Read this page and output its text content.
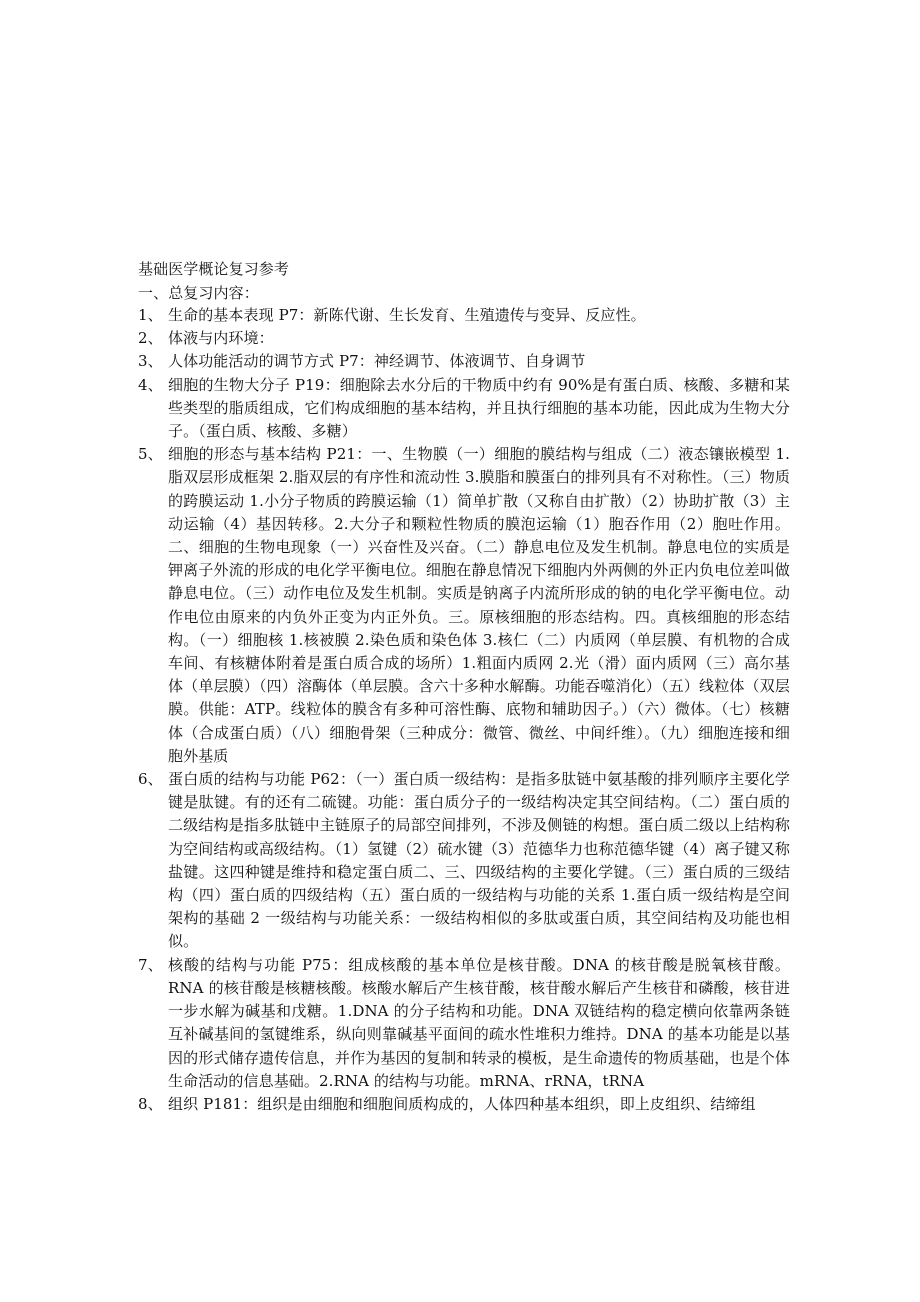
基础医学概论复习参考
一、总复习内容：
1、 生命的基本表现 P7：新陈代谢、生长发育、生殖遗传与变异、反应性。
2、 体液与内环境：
3、 人体功能活动的调节方式 P7：神经调节、体液调节、自身调节
4、 细胞的生物大分子 P19：细胞除去水分后的干物质中约有 90%是有蛋白质、核酸、多糖和某些类型的脂质组成，它们构成细胞的基本结构，并且执行细胞的基本功能，因此成为生物大分子。（蛋白质、核酸、多糖）
5、 细胞的形态与基本结构 P21：一、生物膜（一）细胞的膜结构与组成（二）液态镶嵌模型 1.脂双层形成框架 2.脂双层的有序性和流动性 3.膜脂和膜蛋白的排列具有不对称性。（三）物质的跨膜运动 1.小分子物质的跨膜运输（1）简单扩散（又称自由扩散）（2）协助扩散（3）主动运输（4）基因转移。2.大分子和颗粒性物质的膜泡运输（1）胞吞作用（2）胞吐作用。二、细胞的生物电现象（一）兴奋性及兴奋。（二）静息电位及发生机制。静息电位的实质是钾离子外流的形成的电化学平衡电位。细胞在静息情况下细胞内外两侧的外正内负电位差叫做静息电位。（三）动作电位及发生机制。实质是钠离子内流所形成的钠的电化学平衡电位。动作电位由原来的内负外正变为内正外负。三。原核细胞的形态结构。四。真核细胞的形态结构。（一）细胞核 1.核被膜 2.染色质和染色体 3.核仁（二）内质网（单层膜、有机物的合成车间、有核糖体附着是蛋白质合成的场所）1.粗面内质网 2.光（滑）面内质网（三）高尔基体（单层膜）（四）溶酶体（单层膜。含六十多种水解酶。功能吞噬消化）（五）线粒体（双层膜。供能：ATP。线粒体的膜含有多种可溶性酶、底物和辅助因子。）（六）微体。（七）核糖体（合成蛋白质）（八）细胞骨架（三种成分：微管、微丝、中间纤维）。（九）细胞连接和细胞外基质
6、 蛋白质的结构与功能 P62：（一）蛋白质一级结构：是指多肽链中氨基酸的排列顺序主要化学键是肽键。有的还有二硫键。功能：蛋白质分子的一级结构决定其空间结构。（二）蛋白质的二级结构是指多肽链中主链原子的局部空间排列，不涉及侧链的构想。蛋白质二级以上结构称为空间结构或高级结构。（1）氢键（2）硫水键（3）范德华力也称范德华键（4）离子键又称盐键。这四种键是维持和稳定蛋白质二、三、四级结构的主要化学键。（三）蛋白质的三级结构（四）蛋白质的四级结构（五）蛋白质的一级结构与功能的关系 1.蛋白质一级结构是空间架构的基础 2 一级结构与功能关系：一级结构相似的多肽或蛋白质，其空间结构及功能也相似。
7、 核酸的结构与功能 P75：组成核酸的基本单位是核苷酸。DNA 的核苷酸是脱氧核苷酸。RNA 的核苷酸是核糖核酸。核酸水解后产生核苷酸，核苷酸水解后产生核苷和磷酸，核苷进一步水解为碱基和戊糖。1.DNA 的分子结构和功能。DNA 双链结构的稳定横向依靠两条链互补碱基间的氢键维系，纵向则靠碱基平面间的疏水性堆积力维持。DNA 的基本功能是以基因的形式储存遗传信息，并作为基因的复制和转录的模板，是生命遗传的物质基础，也是个体生命活动的信息基础。2.RNA 的结构与功能。mRNA、rRNA，tRNA
8、 组织 P181：组织是由细胞和细胞间质构成的，人体四种基本组织，即上皮组织、结缔组
